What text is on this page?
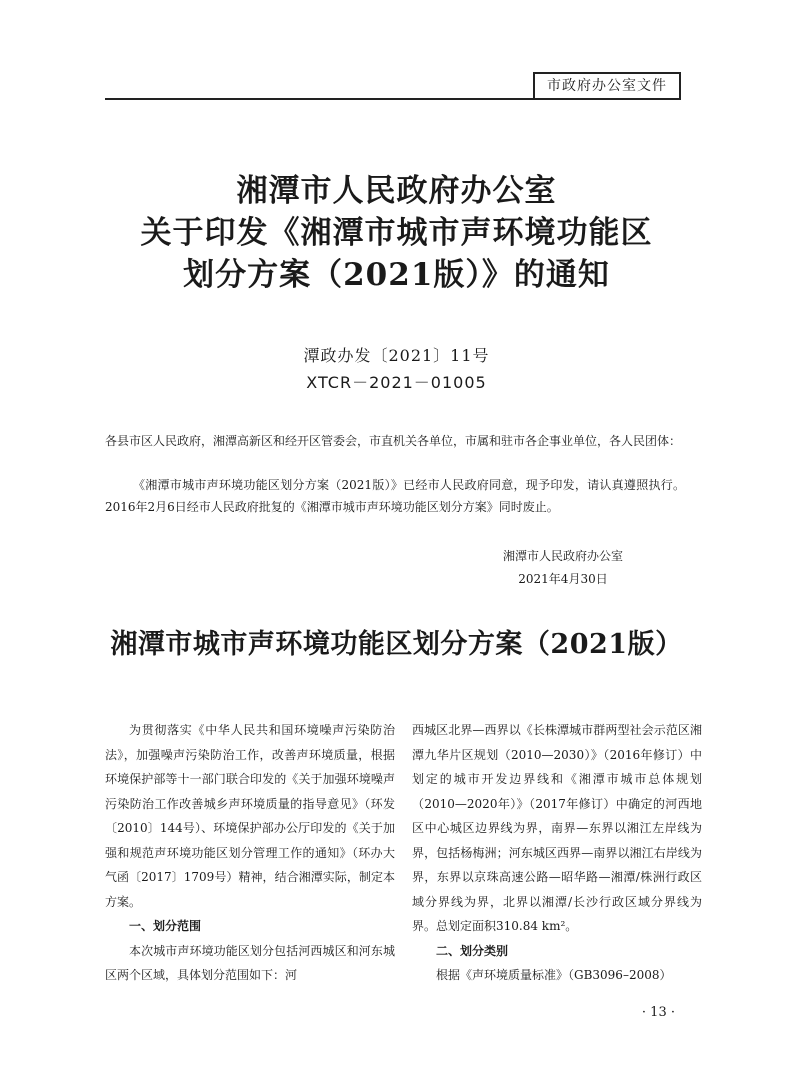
市政府办公室文件
湘潭市人民政府办公室
关于印发《湘潭市城市声环境功能区
划分方案（2021版）》的通知
潭政办发〔2021〕11号
XTCR－2021－01005
各县市区人民政府，湘潭高新区和经开区管委会，市直机关各单位，市属和驻市各企事业单位，各人民团体：
《湘潭市城市声环境功能区划分方案（2021版）》已经市人民政府同意，现予印发，请认真遵照执行。2016年2月6日经市人民政府批复的《湘潭市城市声环境功能区划分方案》同时废止。
湘潭市人民政府办公室
2021年4月30日
湘潭市城市声环境功能区划分方案（2021版）

为贯彻落实《中华人民共和国环境噪声污染防治法》，加强噪声污染防治工作，改善声环境质量，根据环境保护部等十一部门联合印发的《关于加强环境噪声污染防治工作改善城乡声环境质量的指导意见》（环发〔2010〕144号）、环境保护部办公厅印发的《关于加强和规范声环境功能区划分管理工作的通知》（环办大气函〔2017〕1709号）精神，结合湘潭实际，制定本方案。

一、划分范围

本次城市声环境功能区划分包括河西城区和河东城区两个区域，具体划分范围如下：河

西城区北界—西界以《长株潭城市群两型社会示范区湘潭九华片区规划（2010—2030）》（2016年修订）中划定的城市开发边界线和《湘潭市城市总体规划（2010—2020年）》（2017年修订）中确定的河西地区中心城区边界线为界，南界—东界以湘江左岸线为界，包括杨梅洲；河东城区西界—南界以湘江右岸线为界，东界以京珠高速公路—昭华路—湘潭/株洲行政区域分界线为界，北界以湘潭/长沙行政区域分界线为界。总划定面积310.84 km²。

二、划分类别

根据《声环境质量标准》（GB3096–2008）

· 13 ·
